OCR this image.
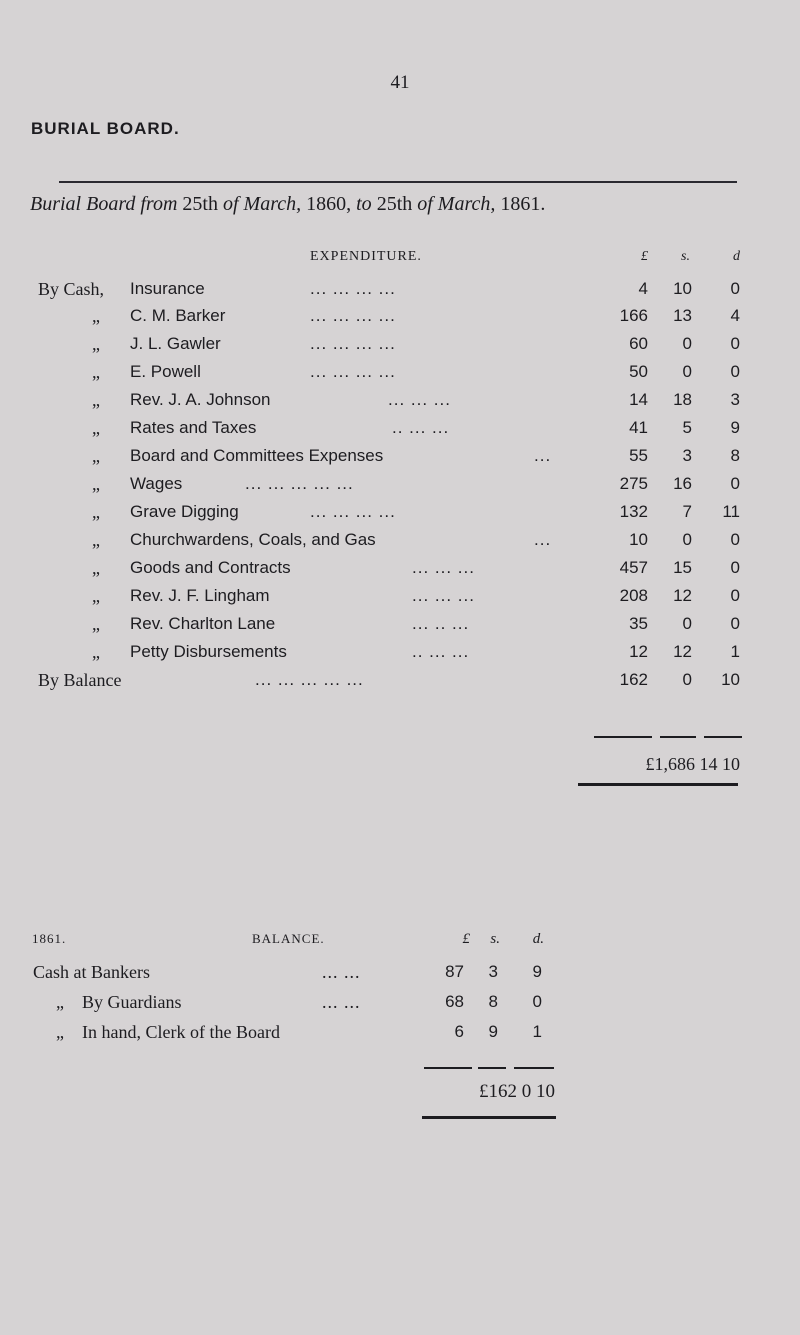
41
BURIAL BOARD.
Burial Board from 25th of March, 1860, to 25th of March, 1861.
EXPENDITURE.	£	s.	d
By Cash, Insurance	... ... ... ...	4	10	0
„ C. M. Barker	... ... ... ...	166	13	4
„ J. L. Gawler	... ... ... ...	60	0	0
„ E. Powell	... ... ... ...	50	0	0
„ Rev. J. A. Johnson	... ... ...	14	18	3
„ Rates and Taxes	.. ... ...	41	5	9
„ Board and Committees Expenses	...	55	3	8
„ Wages	... ... ... ... ...	275	16	0
„ Grave Digging	... ... ... ...	132	7	11
„ Churchwardens, Coals, and Gas	...	10	0	0
„ Goods and Contracts	... ... ...	457	15	0
„ Rev. J. F. Lingham	... ... ...	208	12	0
„ Rev. Charlton Lane	... .. ...	35	0	0
„ Petty Disbursements	.. ... ...	12	12	1
By Balance	... ... ... ... ...	162	0	10
£1,686 14 10
1861.	BALANCE.	£	s.	d.
Cash at Bankers	... ...	87	3	9
„ By Guardians	... ...	68	8	0
„ In hand, Clerk of the Board	6	9	1
£162 0 10
